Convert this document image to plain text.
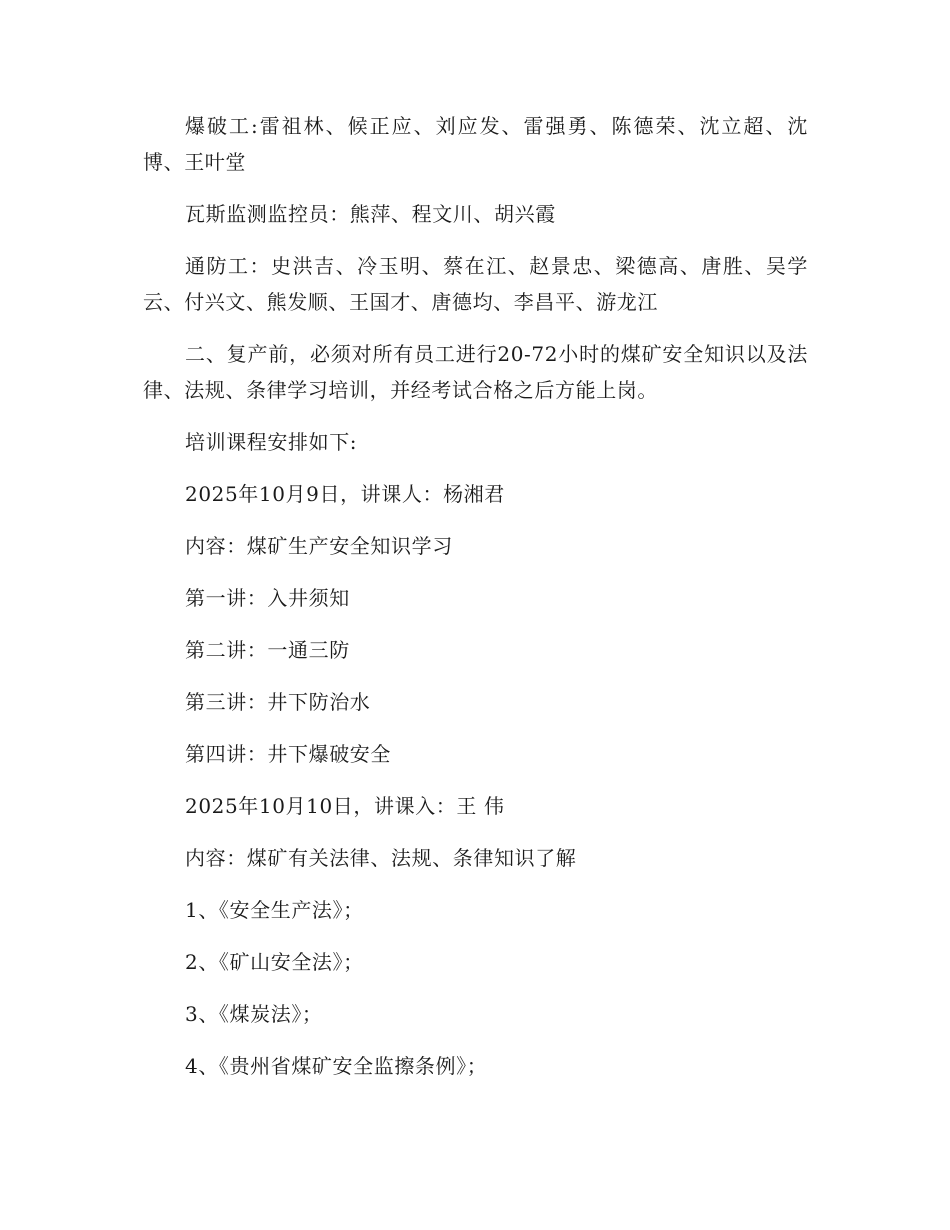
爆破工:雷祖林、候正应、刘应发、雷强勇、陈德荣、沈立超、沈博、王叶堂

瓦斯监测监控员：熊萍、程文川、胡兴霞

通防工：史洪吉、冷玉明、蔡在江、赵景忠、梁德高、唐胜、吴学云、付兴文、熊发顺、王国才、唐德均、李昌平、游龙江

二、复产前，必须对所有员工进行20-72小时的煤矿安全知识以及法律、法规、条律学习培训，并经考试合格之后方能上岗。

培训课程安排如下:

2025年10月9日，讲课人：杨湘君

内容：煤矿生产安全知识学习

第一讲：入井须知

第二讲：一通三防

第三讲：井下防治水

第四讲：井下爆破安全

2025年10月10日，讲课入：王 伟

内容：煤矿有关法律、法规、条律知识了解

1、《安全生产法》；

2、《矿山安全法》；

3、《煤炭法》；

4、《贵州省煤矿安全监擦条例》；
